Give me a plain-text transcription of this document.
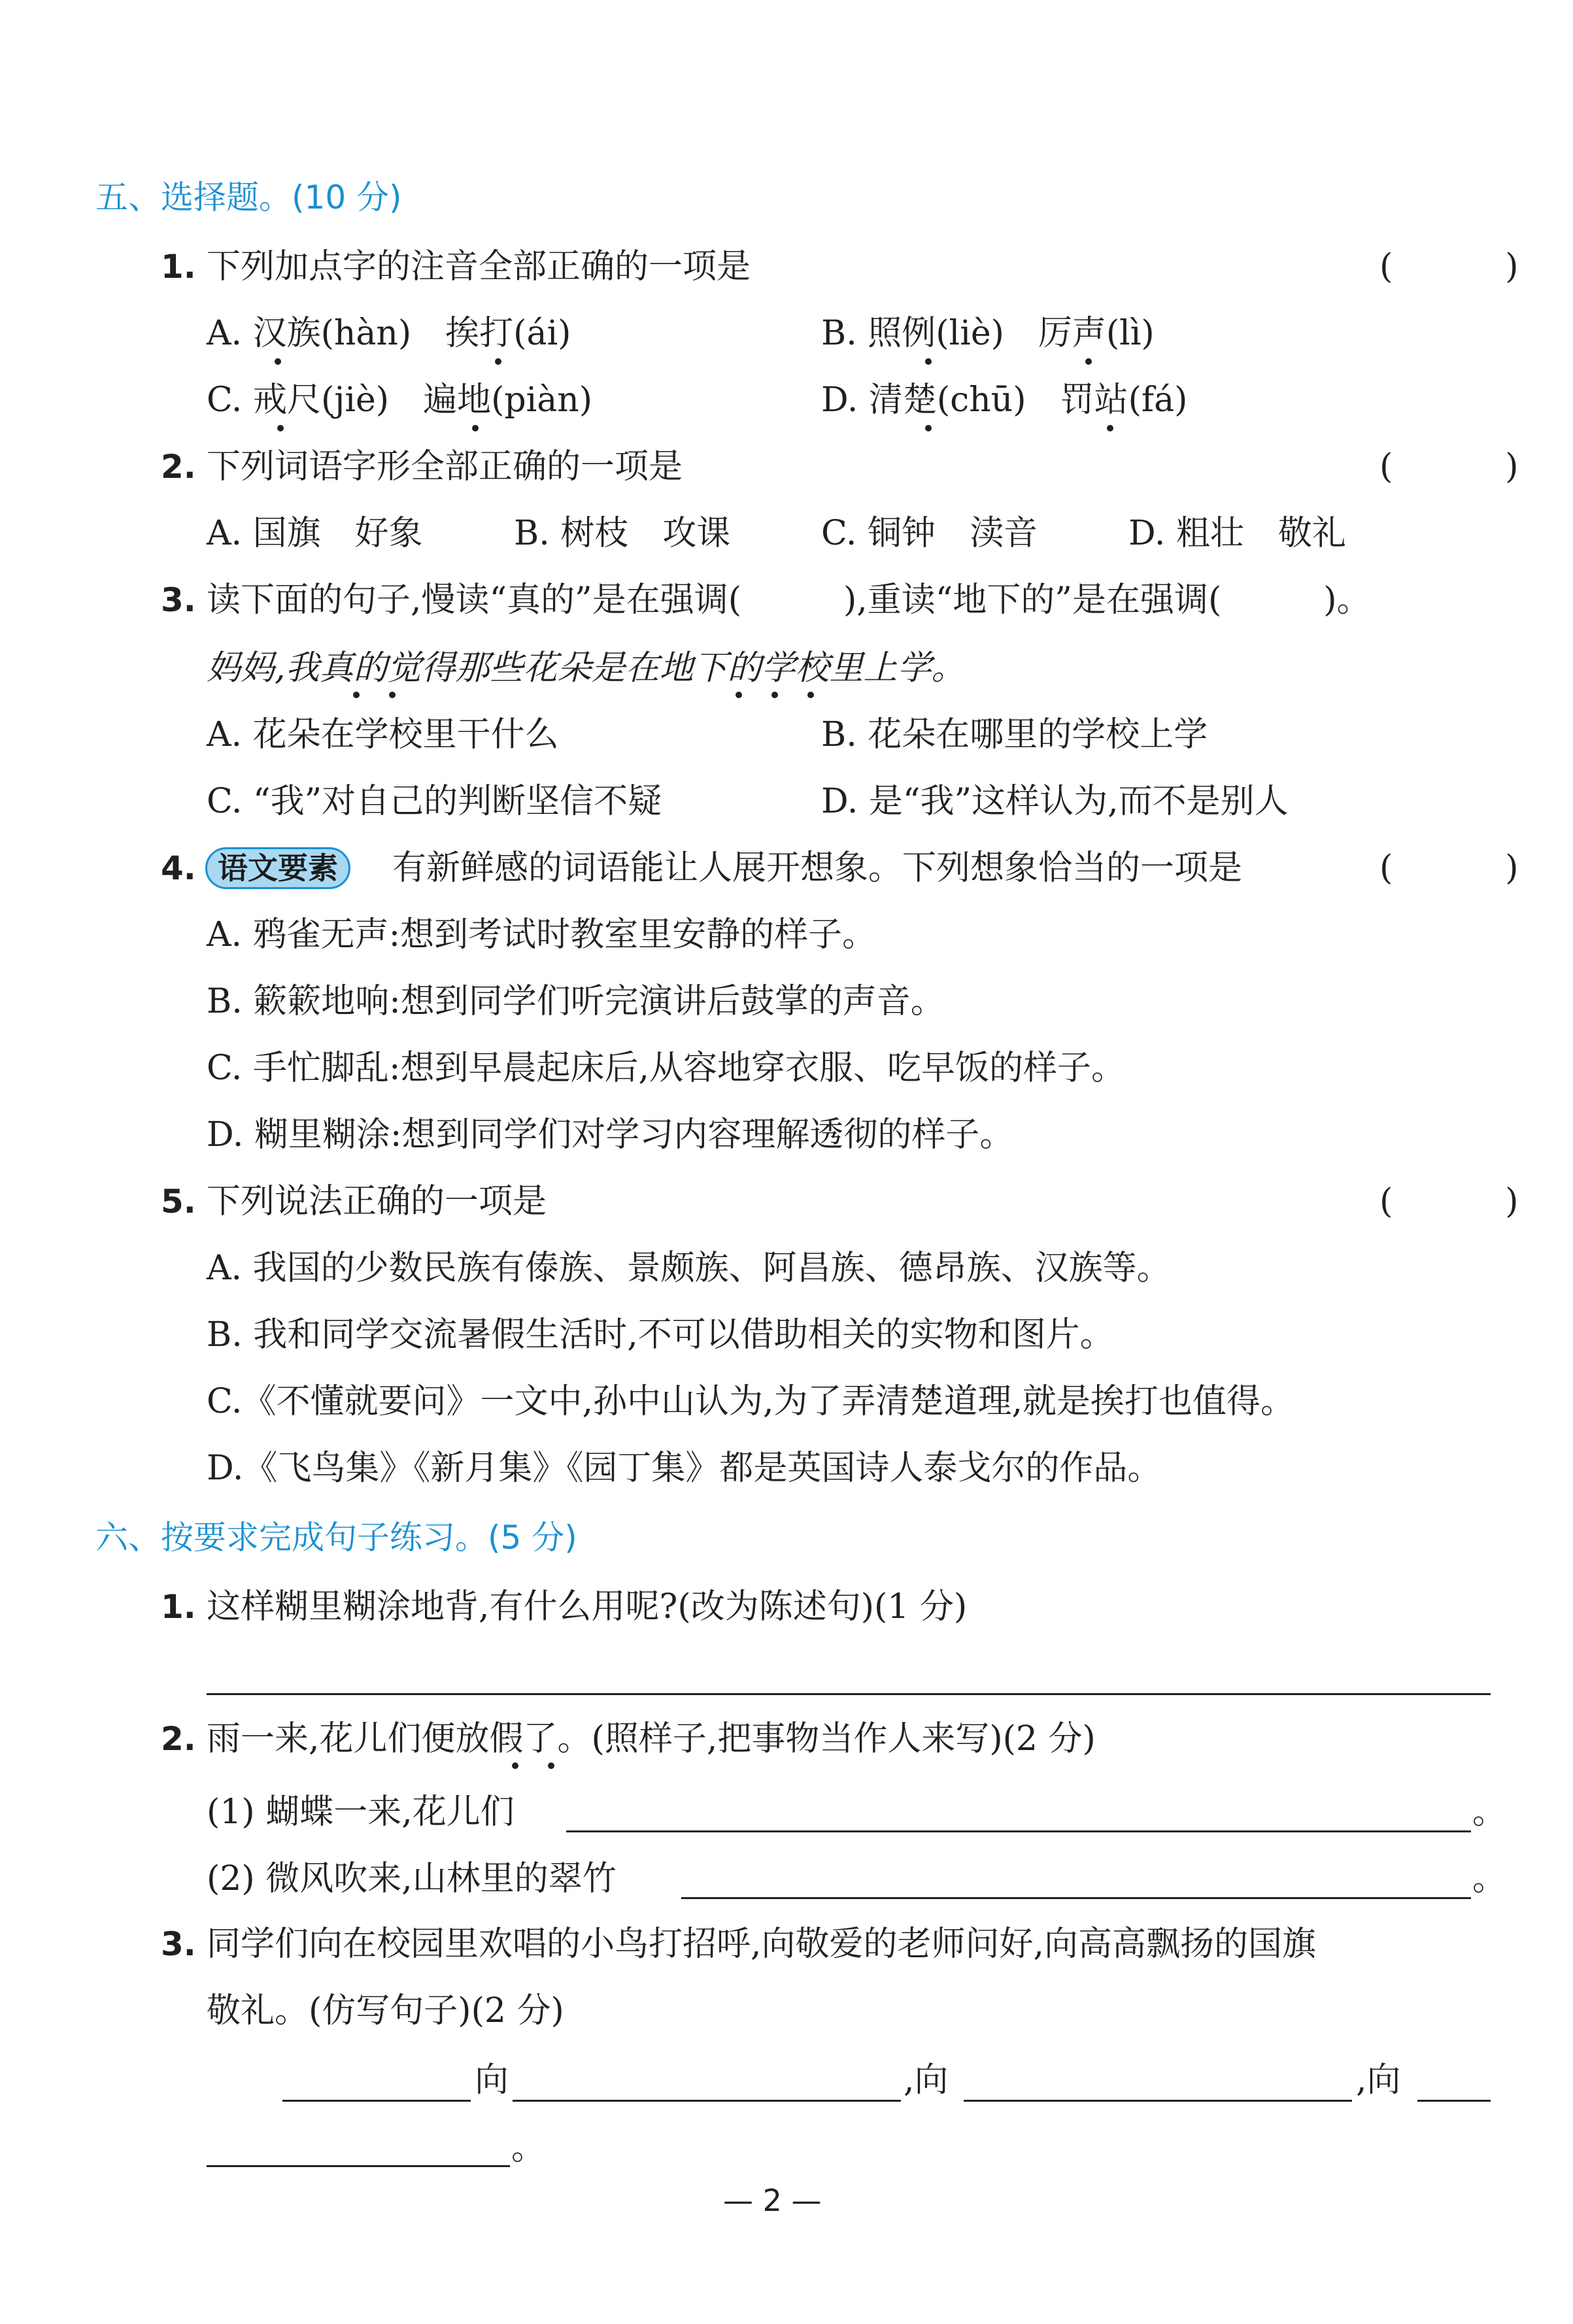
五、选择题。(10 分)
1. 下列加点字的注音全部正确的一项是	(　)
A. 汉族(hàn)　挨打(ái)	B. 照例(liè)　厉声(lì)
C. 戒尺(jiè)　遍地(piàn)	D. 清楚(chū)　罚站(fá)
2. 下列词语字形全部正确的一项是	(　)
A. 国旗　好象	B. 树枝　攻课	C. 铜钟　渎音	D. 粗壮　敬礼
3. 读下面的句子,慢读“真的”是在强调(　　　),重读“地下的”是在强调(　　　)。
妈妈,我真的觉得那些花朵是在地下的学校里上学。
A. 花朵在学校里干什么	B. 花朵在哪里的学校上学
C. “我”对自己的判断坚信不疑	D. 是“我”这样认为,而不是别人
4. 语文要素	有新鲜感的词语能让人展开想象。下列想象恰当的一项是	(　)
A. 鸦雀无声:想到考试时教室里安静的样子。
B. 簌簌地响:想到同学们听完演讲后鼓掌的声音。
C. 手忙脚乱:想到早晨起床后,从容地穿衣服、吃早饭的样子。
D. 糊里糊涂:想到同学们对学习内容理解透彻的样子。
5. 下列说法正确的一项是	(　)
A. 我国的少数民族有傣族、景颇族、阿昌族、德昂族、汉族等。
B. 我和同学交流暑假生活时,不可以借助相关的实物和图片。
C.《不懂就要问》一文中,孙中山认为,为了弄清楚道理,就是挨打也值得。
D.《飞鸟集》《新月集》《园丁集》都是英国诗人泰戈尔的作品。
六、按要求完成句子练习。(5 分)
1. 这样糊里糊涂地背,有什么用呢?(改为陈述句)(1 分)
2. 雨一来,花儿们便放假了。(照样子,把事物当作人来写)(2 分)
(1) 蝴蝶一来,花儿们	。
(2) 微风吹来,山林里的翠竹	。
3. 同学们向在校园里欢唱的小鸟打招呼,向敬爱的老师问好,向高高飘扬的国旗
敬礼。(仿写句子)(2 分)
向	,向	,向
。
— 2 —
